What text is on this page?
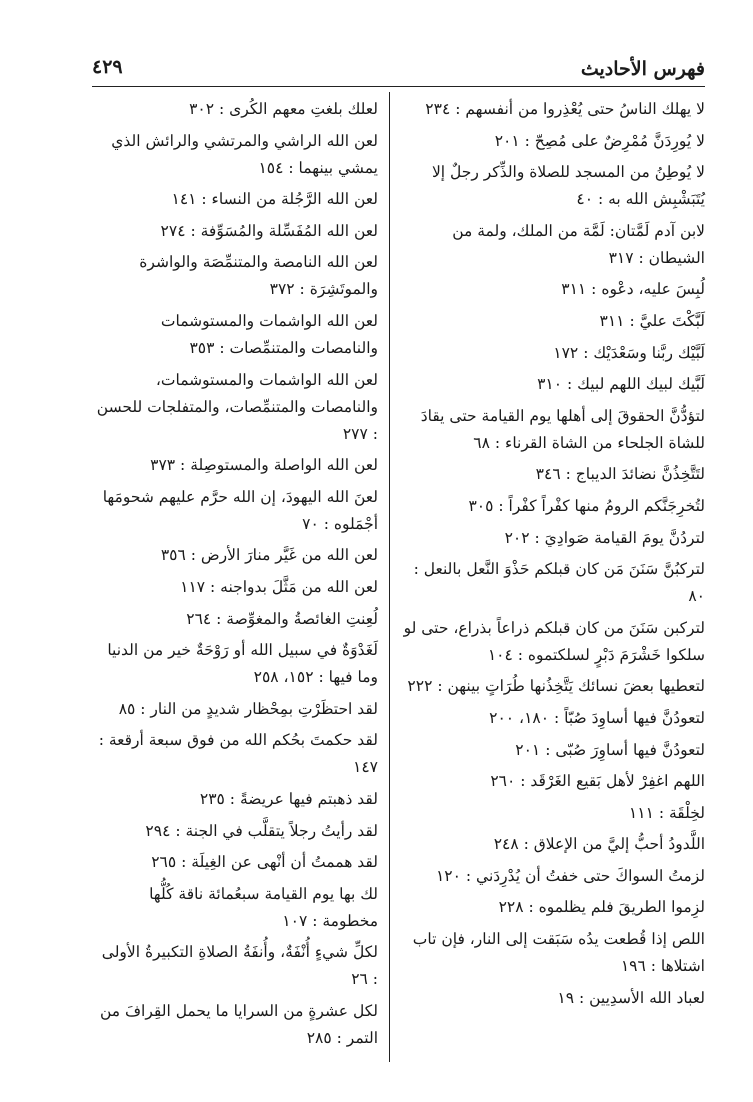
فهرس الأحاديث
٤٢٩
لا يهلك الناسُ حتى يُعْذِروا من أنفسهم : ٢٣٤
لا يُورِدَنَّ مُمْرِضٌ على مُصِحّ : ٢٠١
لا يُوطِنُ من المسجد للصلاة والذِّكر رجلٌ إلا يُتَبَشْبِش الله به : ٤٠
لابن آدم لَمَّتان: لَمَّة من الملك، ولمة من الشيطان : ٣١٧
لُبِسَ عليه، دعْوه : ٣١١
لَبَّكْتَ عليَّ : ٣١١
لَبَّيْك ربَّنا وسَعْدَيْك : ١٧٢
لَبَّيك لبيك اللهم لبيك : ٣١٠
لتؤدُّنَّ الحقوقَ إلى أهلها يوم القيامة حتى يقادَ للشاة الجلحاء من الشاة القرناء : ٦٨
لتَتَّخِذُنَّ نضائدَ الديباج : ٣٤٦
لتُخرِجَنَّكم الرومُ منها كفْراً كفْراً : ٣٠٥
لتردُنَّ يومَ القيامة صَوادِيَ : ٢٠٢
لتركبُنَّ سَنَنَ مَن كان قبلكم حَذْوَ النَّعل بالنعل : ٨٠
لتركبن سَنَنَ من كان قبلكم ذراعاً بذراع، حتى لو سلكوا خَشْرَمَ دَبْرٍ لسلكتموه : ١٠٤
لتعطيها بعضَ نسائك يَتَّخِذُنها طُرَاتٍ بينهن : ٢٢٢
لتعودُنَّ فيها أساوِدَ صُبّاً : ١٨٠، ٢٠٠
لتعودُنَّ فيها أساوِرَ صُبّى : ٢٠١
اللهم اغفِرْ لأهل بَقيع الغَرْقَد : ٢٦٠
لخِلْقَة : ١١١
اللَّدودُ أحبُّ إليَّ من الإعلاق : ٢٤٨
لزمتُ السواكَ حتى خفتُ أن يُدْرِدَني : ١٢٠
لزِموا الطريقَ فلم يظلموه : ٢٢٨
اللص إذا قُطعت يدُه سَبَقت إلى النار، فإن تاب اشتلاها : ١٩٦
لعباد الله الأسدِيين : ١٩
لعلك بلغتِ معهم الكُرى : ٣٠٢
لعن الله الراشي والمرتشي والرائش الذي يمشي بينهما : ١٥٤
لعن الله الرَّجُلة من النساء : ١٤١
لعن الله المُفَسِّلة والمُسَوِّفة : ٢٧٤
لعن الله النامصة والمتنمِّصَة والواشرة والموتَشِرَة : ٣٧٢
لعن الله الواشمات والمستوشمات والنامصات والمتنمِّصات : ٣٥٣
لعن الله الواشمات والمستوشمات، والنامصات والمتنمِّصات، والمتفلجات للحسن : ٢٧٧
لعن الله الواصلة والمستوصِلة : ٣٧٣
لعنَ الله اليهودَ، إن الله حرَّم عليهم شحومَها أجْمَلوه : ٧٠
لعن الله من غَيَّر منارَ الأرض : ٣٥٦
لعن الله من مَثَّلَ بدواجنه : ١١٧
لُعِنتِ الغائصةُ والمغوِّصة : ٢٦٤
لَغَدْوَةٌ في سبيل الله أو رَوْحَةٌ خير من الدنيا وما فيها : ١٥٢، ٢٥٨
لقد احتظَرْتِ بمِحْظار شديدٍ من النار : ٨٥
لقد حكمتَ بحُكم الله من فوق سبعة أرقعة : ١٤٧
لقد ذهبتم فيها عريضةً : ٢٣٥
لقد رأيتُ رجلاً يتقلَّب في الجنة : ٢٩٤
لقد هممتُ أن أنْهى عن الغِيلَة : ٢٦٥
لك بها يوم القيامة سبعُمائة ناقة كُلُّها مخطومة : ١٠٧
لكلِّ شيءٍ أُنْفَةٌ، وأُنفَةُ الصلاةِ التكبيرةُ الأولى : ٢٦
لكل عشرةٍ من السرايا ما يحمل القِرافَ من التمر : ٢٨٥
